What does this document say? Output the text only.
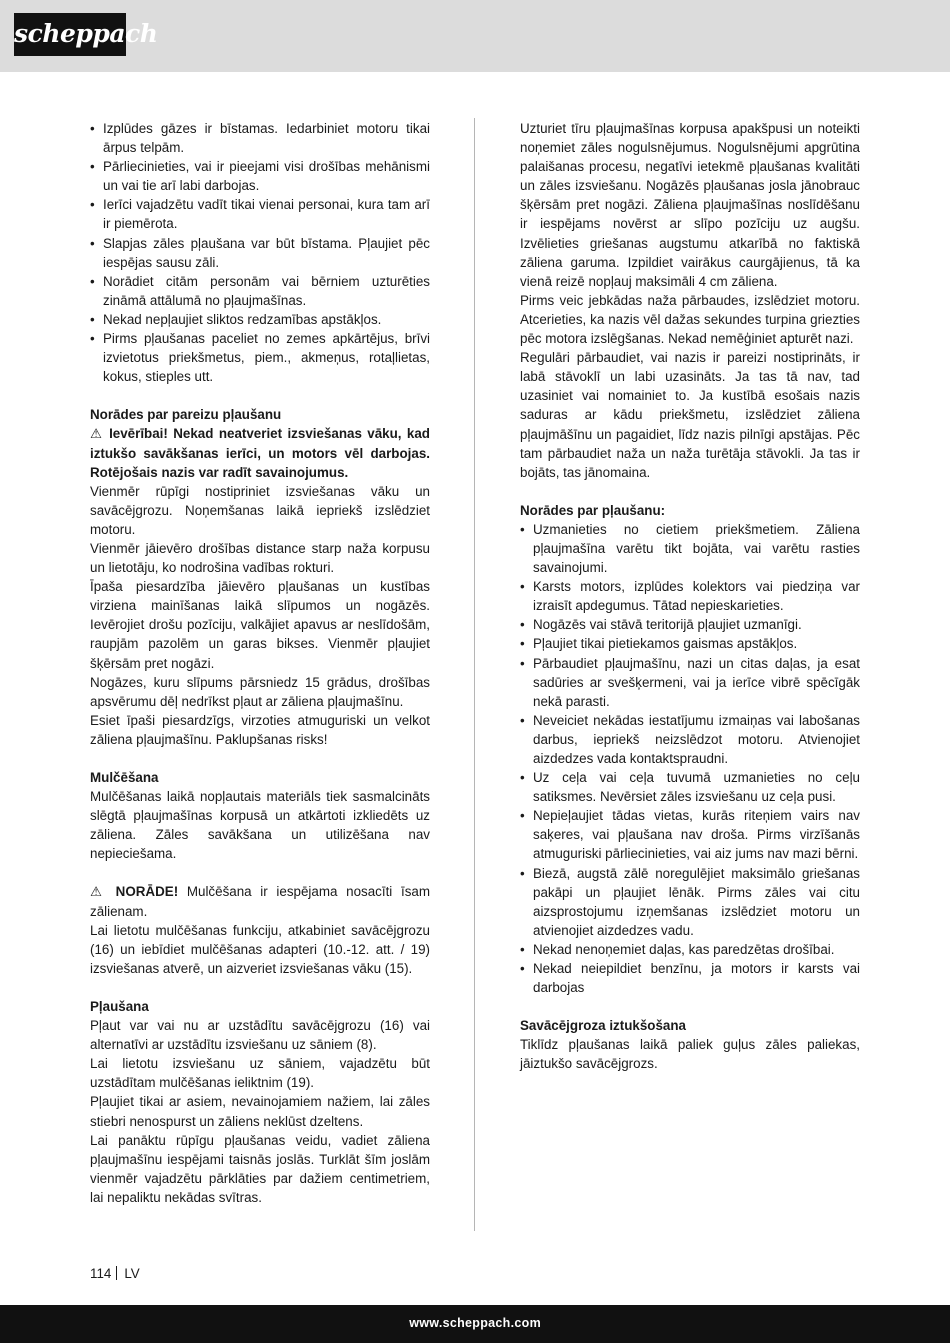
scheppach
• Izplūdes gāzes ir bīstamas. Iedarbiniet motoru tikai ārpus telpām.
• Pārliecinieties, vai ir pieejami visi drošības mehānismi un vai tie arī labi darbojas.
• Ierīci vajadzētu vadīt tikai vienai personai, kura tam arī ir piemērota.
• Slapjas zāles pļaušana var būt bīstama. Pļaujiet pēc iespējas sausu zāli.
• Norādiet citām personām vai bērniem uzturēties zināmā attālumā no pļaujmašīnas.
• Nekad nepļaujiet sliktos redzamības apstākļos.
• Pirms pļaušanas paceliet no zemes apkārtējus, brīvi izvietotus priekšmetus, piem., akmeņus, rotaļlietas, kokus, stieples utt.

Norādes par pareizu pļaušanu

⚠ Ievērībai! Nekad neatveriet izsviešanas vāku, kad iztukšo savākšanas ierīci, un motors vēl darbojas. Rotējošais nazis var radīt savainojumus.

Vienmēr rūpīgi nostipriniet izsviešanas vāku un savācējgrozu. Noņemšanas laikā iepriekš izslēdziet motoru.

Vienmēr jāievēro drošības distance starp naža korpusu un lietotāju, ko nodrošina vadības rokturi.

Īpaša piesardzība jāievēro pļaušanas un kustības virziena mainīšanas laikā slīpumos un nogāzēs. Ievērojiet drošu pozīciju, valkājiet apavus ar neslīdošām, raupjām pazolēm un garas bikses. Vienmēr pļaujiet šķērsām pret nogāzi.

Nogāzes, kuru slīpums pārsniedz 15 grādus, drošības apsvērumu dēļ nedrīkst pļaut ar zāliena pļaujmašīnu.

Esiet īpaši piesardzīgs, virzoties atmuguriski un velkot zāliena pļaujmašīnu. Paklupšanas risks!

Mulčēšana

Mulčēšanas laikā nopļautais materiāls tiek sasmalcināts slēgtā pļaujmašīnas korpusā un atkārtoti izkliedēts uz zāliena. Zāles savākšana un utilizēšana nav nepieciešama.

⚠ NORĀDE! Mulčēšana ir iespējama nosacīti īsam zālienam.

Lai lietotu mulčēšanas funkciju, atkabiniet savācējgrozu (16) un iebīdiet mulčēšanas adapteri (10.-12. att. / 19) izsviešanas atverē, un aizveriet izsviešanas vāku (15).

Pļaušana

Pļaut var vai nu ar uzstādītu savācējgrozu (16) vai alternatīvi ar uzstādītu izsviešanu uz sāniem (8).

Lai lietotu izsviešanu uz sāniem, vajadzētu būt uzstādītam mulčēšanas ieliktnim (19).

Pļaujiet tikai ar asiem, nevainojamiem nažiem, lai zāles stiebri nenospurst un zāliens neklūst dzeltens.

Lai panāktu rūpīgu pļaušanas veidu, vadiet zāliena pļaujmašīnu iespējami taisnās joslās. Turklāt šīm joslām vienmēr vajadzētu pārklāties par dažiem centimetriem, lai nepaliktu nekādas svītras.

Uzturiet tīru pļaujmašīnas korpusa apakšpusi un noteikti noņemiet zāles nogulsnējumus. Nogulsnējumi apgrūtina palaišanas procesu, negatīvi ietekmē pļaušanas kvalitāti un zāles izsviešanu. Nogāzēs pļaušanas josla jānobrauc šķērsām pret nogāzi. Zāliena pļaujmašīnas noslīdēšanu ir iespējams novērst ar slīpo pozīciju uz augšu. Izvēlieties griešanas augstumu atkarībā no faktiskā zāliena garuma. Izpildiet vairākus caurgājienus, tā ka vienā reizē nopļauj maksimāli 4 cm zāliena.

Pirms veic jebkādas naža pārbaudes, izslēdziet motoru. Atcerieties, ka nazis vēl dažas sekundes turpina griezties pēc motora izslēgšanas. Nekad nemēģiniet apturēt nazi.

Regulāri pārbaudiet, vai nazis ir pareizi nostiprināts, ir labā stāvoklī un labi uzasināts. Ja tas tā nav, tad uzasiniet vai nomainiet to. Ja kustībā esošais nazis saduras ar kādu priekšmetu, izslēdziet zāliena pļaujmāšīnu un pagaidiet, līdz nazis pilnīgi apstājas. Pēc tam pārbaudiet naža un naža turētāja stāvokli. Ja tas ir bojāts, tas jānomaina.

Norādes par pļaušanu:

• Uzmanieties no cietiem priekšmetiem. Zāliena pļaujmašīna varētu tikt bojāta, vai varētu rasties savainojumi.
• Karsts motors, izplūdes kolektors vai piedziņa var izraisīt apdegumus. Tātad nepieskarieties.
• Nogāzēs vai stāvā teritorijā pļaujiet uzmanīgi.
• Pļaujiet tikai pietiekamos gaismas apstākļos.
• Pārbaudiet pļaujmašīnu, nazi un citas daļas, ja esat sadūries ar svešķermeni, vai ja ierīce vibrē spēcīgāk nekā parasti.
• Neveiciet nekādas iestatījumu izmaiņas vai labošanas darbus, iepriekš neizslēdzot motoru. Atvienojiet aizdedzes vada kontaktspraudni.
• Uz ceļa vai ceļa tuvumā uzmanieties no ceļu satiksmes. Nevērsiet zāles izsviešanu uz ceļa pusi.
• Nepieļaujiet tādas vietas, kurās riteņiem vairs nav saķeres, vai pļaušana nav droša. Pirms virzīšanās atmuguriski pārliecinieties, vai aiz jums nav mazi bērni.
• Biezā, augstā zālē noregulējiet maksimālo griešanas pakāpi un pļaujiet lēnāk. Pirms zāles vai citu aizsprostojumu izņemšanas izslēdziet motoru un atvienojiet aizdedzes vadu.
• Nekad nenoņemiet daļas, kas paredzētas drošībai.
• Nekad neiepildiet benzīnu, ja motors ir karsts vai darbojas

Savācējgroza iztukšošana

Tiklīdz pļaušanas laikā paliek guļus zāles paliekas, jāiztukšo savācējgrozs.

114 LV
www.scheppach.com
